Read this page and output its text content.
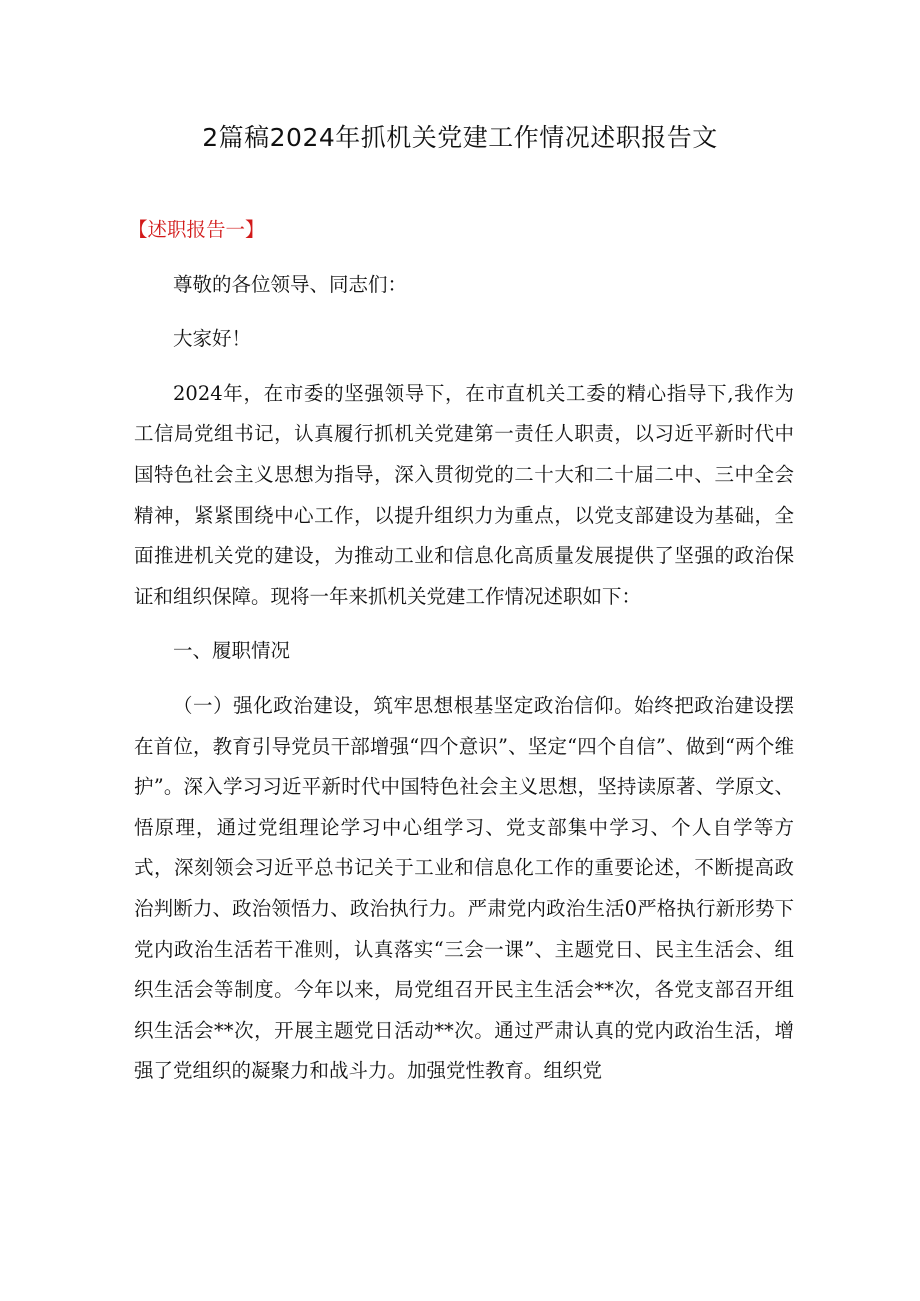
2篇稿2024年抓机关党建工作情况述职报告文

【述职报告一】

尊敬的各位领导、同志们：

大家好！

2024年，在市委的坚强领导下，在市直机关工委的精心指导下,我作为工信局党组书记，认真履行抓机关党建第一责任人职责，以习近平新时代中国特色社会主义思想为指导，深入贯彻党的二十大和二十届二中、三中全会精神，紧紧围绕中心工作，以提升组织力为重点，以党支部建设为基础，全面推进机关党的建设，为推动工业和信息化高质量发展提供了坚强的政治保证和组织保障。现将一年来抓机关党建工作情况述职如下：

一、履职情况

（一）强化政治建设，筑牢思想根基坚定政治信仰。始终把政治建设摆在首位，教育引导党员干部增强“四个意识”、坚定“四个自信”、做到“两个维护”。深入学习习近平新时代中国特色社会主义思想，坚持读原著、学原文、悟原理，通过党组理论学习中心组学习、党支部集中学习、个人自学等方式，深刻领会习近平总书记关于工业和信息化工作的重要论述，不断提高政治判断力、政治领悟力、政治执行力。严肃党内政治生活0严格执行新形势下党内政治生活若干准则，认真落实“三会一课”、主题党日、民主生活会、组织生活会等制度。今年以来，局党组召开民主生活会**次，各党支部召开组织生活会**次，开展主题党日活动**次。通过严肃认真的党内政治生活，增强了党组织的凝聚力和战斗力。加强党性教育。组织党
